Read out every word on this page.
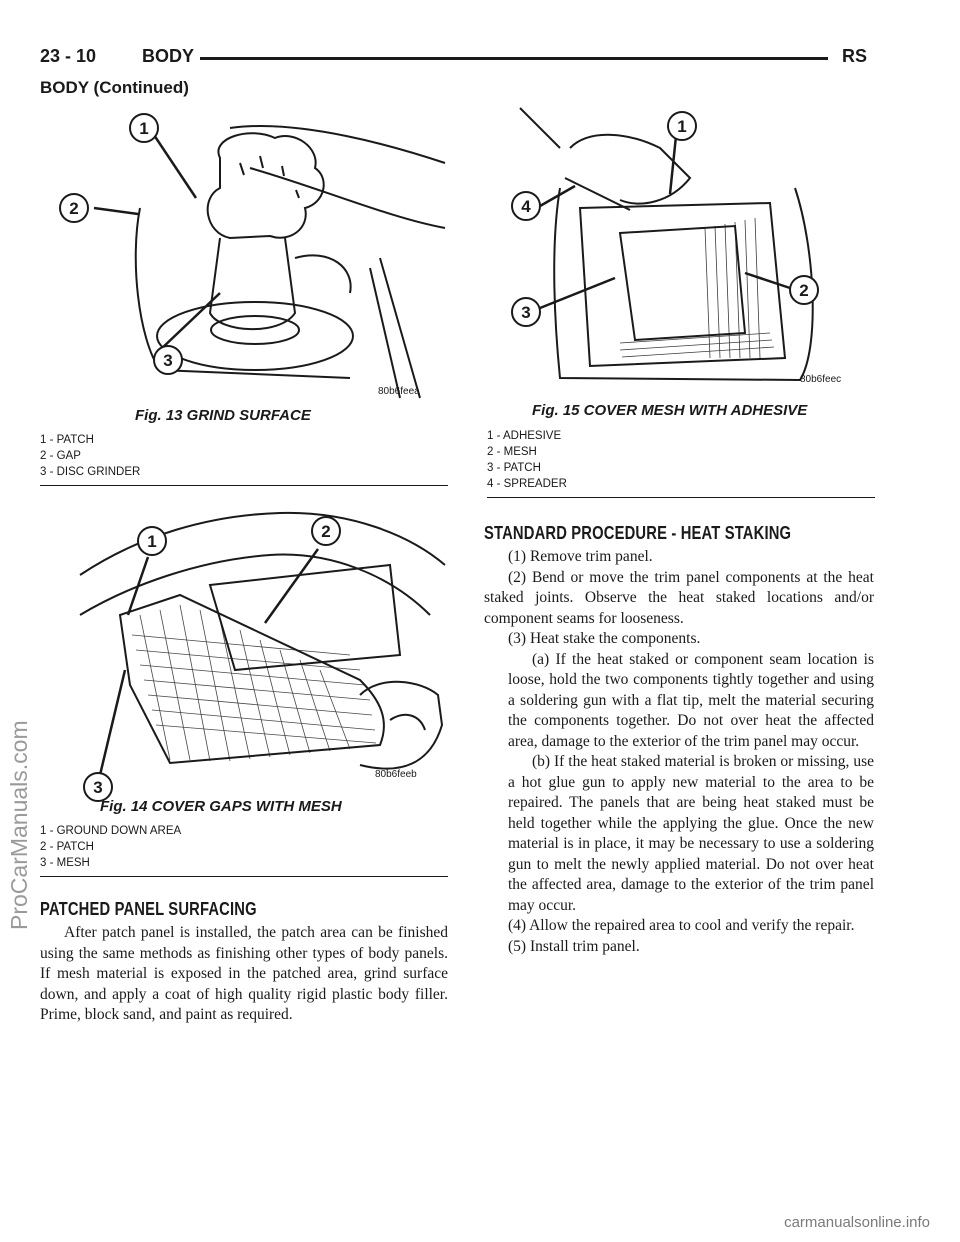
23 - 10	BODY	RS
BODY (Continued)
1
2
3
80b6feea
Fig. 13 GRIND SURFACE
1 - PATCH
2 - GAP
3 - DISC GRINDER
1
2
3
80b6feeb
Fig. 14 COVER GAPS WITH MESH
1 - GROUND DOWN AREA
2 - PATCH
3 - MESH
PATCHED PANEL SURFACING

After patch panel is installed, the patch area can be finished using the same methods as finishing other types of body panels. If mesh material is exposed in the patched area, grind surface down, and apply a coat of high quality rigid plastic body filler. Prime, block sand, and paint as required.

1
4
2
3
80b6feec
Fig. 15 COVER MESH WITH ADHESIVE
1 - ADHESIVE
2 - MESH
3 - PATCH
4 - SPREADER
STANDARD PROCEDURE - HEAT STAKING

(1) Remove trim panel.

(2) Bend or move the trim panel components at the heat staked joints. Observe the heat staked locations and/or component seams for looseness.

(3) Heat stake the components.

(a) If the heat staked or component seam location is loose, hold the two components tightly together and using a soldering gun with a flat tip, melt the material securing the components together. Do not over heat the affected area, damage to the exterior of the trim panel may occur.

(b) If the heat staked material is broken or missing, use a hot glue gun to apply new material to the area to be repaired. The panels that are being heat staked must be held together while the applying the glue. Once the new material is in place, it may be necessary to use a soldering gun to melt the newly applied material. Do not over heat the affected area, damage to the exterior of the trim panel may occur.

(4) Allow the repaired area to cool and verify the repair.

(5) Install trim panel.

ProCarManuals.com
carmanualsonline.info
